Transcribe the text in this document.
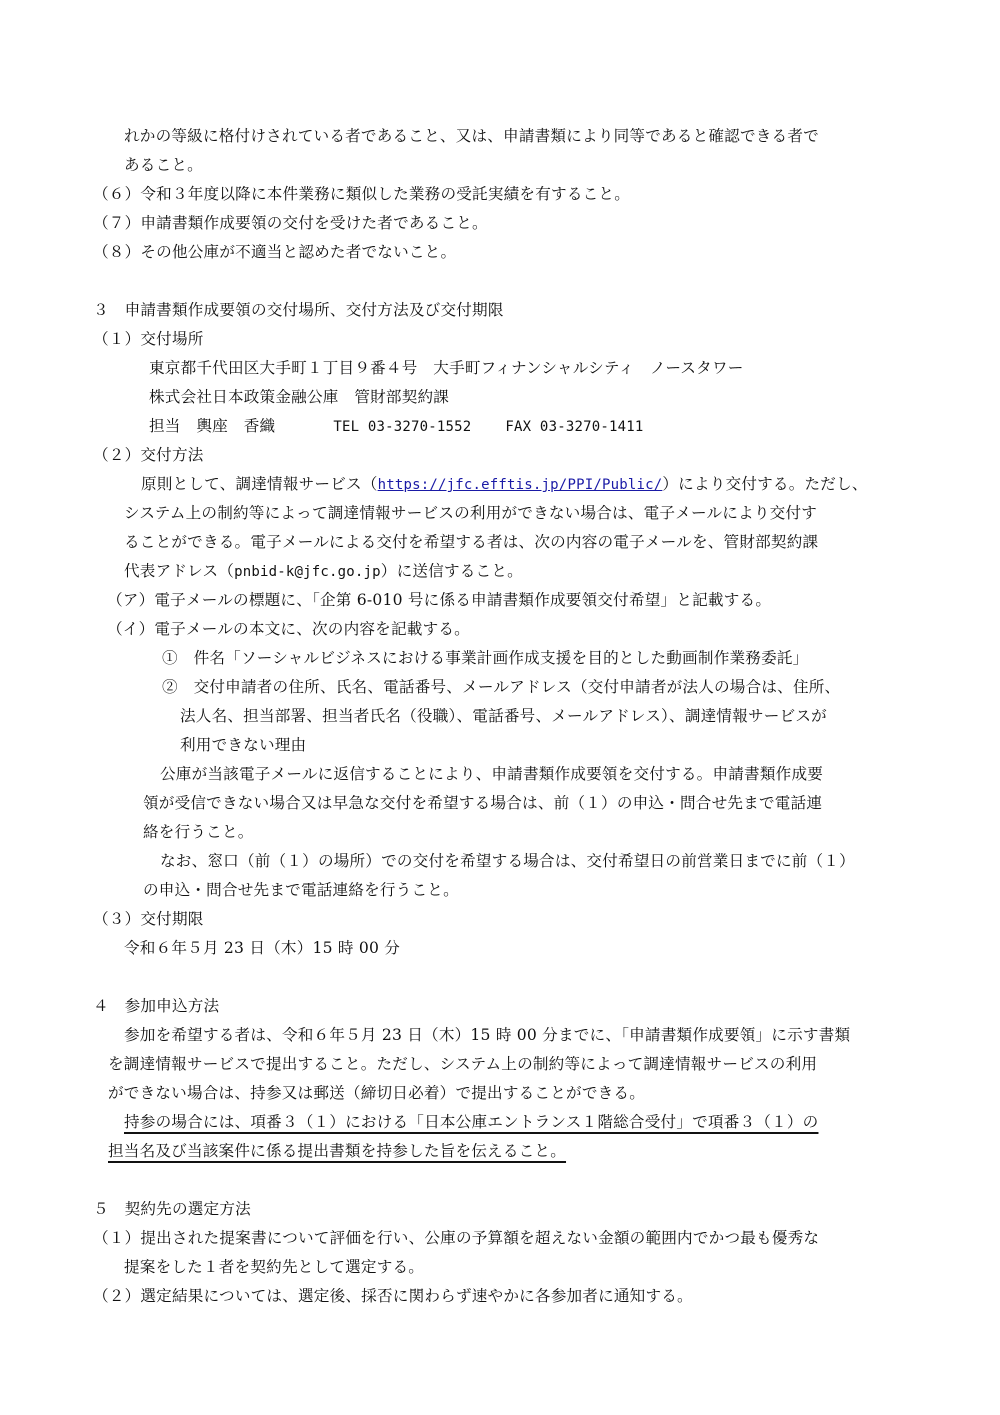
れかの等級に格付けされている者であること、又は、申請書類により同等であると確認できる者で
あること。
（６）令和３年度以降に本件業務に類似した業務の受託実績を有すること。
（７）申請書類作成要領の交付を受けた者であること。
（８）その他公庫が不適当と認めた者でないこと。
３　申請書類作成要領の交付場所、交付方法及び交付期限
（１）交付場所
東京都千代田区大手町１丁目９番４号　大手町フィナンシャルシティ　ノースタワー
株式会社日本政策金融公庫　管財部契約課
担当　輿座　香織	TEL 03-3270-1552 FAX 03-3270-1411
（２）交付方法
原則として、調達情報サービス（https://jfc.efftis.jp/PPI/Public/）により交付する。ただし、
システム上の制約等によって調達情報サービスの利用ができない場合は、電子メールにより交付す
ることができる。電子メールによる交付を希望する者は、次の内容の電子メールを、管財部契約課
代表アドレス（pnbid-k@jfc.go.jp）に送信すること。
（ア）電子メールの標題に、「企第 6-010 号に係る申請書類作成要領交付希望」と記載する。
（イ）電子メールの本文に、次の内容を記載する。
①　件名「ソーシャルビジネスにおける事業計画作成支援を目的とした動画制作業務委託」
②　交付申請者の住所、氏名、電話番号、メールアドレス（交付申請者が法人の場合は、住所、
法人名、担当部署、担当者氏名（役職）、電話番号、メールアドレス）、調達情報サービスが
利用できない理由
公庫が当該電子メールに返信することにより、申請書類作成要領を交付する。申請書類作成要
領が受信できない場合又は早急な交付を希望する場合は、前（１）の申込・問合せ先まで電話連
絡を行うこと。
なお、窓口（前（１）の場所）での交付を希望する場合は、交付希望日の前営業日までに前（１）
の申込・問合せ先まで電話連絡を行うこと。
（３）交付期限
令和６年５月 23 日（木）15 時 00 分
４　参加申込方法
参加を希望する者は、令和６年５月 23 日（木）15 時 00 分までに、「申請書類作成要領」に示す書類
を調達情報サービスで提出すること。ただし、システム上の制約等によって調達情報サービスの利用
ができない場合は、持参又は郵送（締切日必着）で提出することができる。
持参の場合には、項番３（１）における「日本公庫エントランス１階総合受付」で項番３（１）の
担当名及び当該案件に係る提出書類を持参した旨を伝えること。
５　契約先の選定方法
（１）提出された提案書について評価を行い、公庫の予算額を超えない金額の範囲内でかつ最も優秀な
提案をした１者を契約先として選定する。
（２）選定結果については、選定後、採否に関わらず速やかに各参加者に通知する。
